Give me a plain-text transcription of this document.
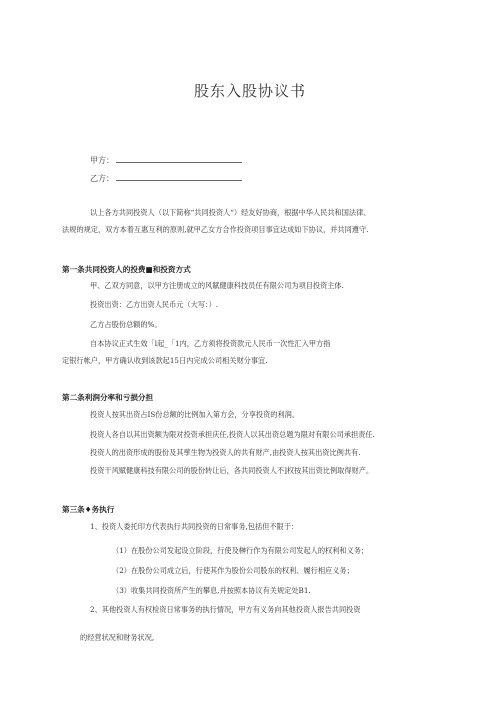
股东入股协议书
甲方：
乙方：
以上各方共同投资人（以下简称“共同投资人“）经友好协商，根据中华人民共和国法律、
法规的规定，双方本着互惠互利的原则,就甲乙女方合作投资项目事宜达成如下协议，并共同遵守.
第一条共同投资人的投费■和投资方式
甲、乙双方同意，以甲方注册成立的风賦健康科技员任有限公司为项目投资主体.
投资出资：乙方出资人民币元（大写：）.
乙方占股份总额的%。
自本协议正式生效「l起_「1内，乙方须将投资款元人民币一次性汇入甲方指
定银行帐户，甲方确认收到该款起15日内完成公司相关财分事宜.
第二条利润分率和亏损分担
投资人按其出资占IS份总额的比例加入第方会，分享投资的利润。
投资人各自以其出资额为限对投资承担庆任,投资人以其出资总题为限对有限公司承担责任.
投资人的出资形成的股份及其孳生物为投资人的共有财产,由投资人按其出资比例共有.
投资干风赋健康科技有限公司的股份转让后，各共同投资人不]权按其出资比例取得财产。
第三条♦务执行
1、投资人委托印方代表执行共同投资的日常事务,包括但不限于：
（1）在股份公司发起设立阶段，行使及榊行作为有限公司发起人的权利和义务；
（2）在股份公司成立后，行使其作为股份公司股东的权利、履行相应义务；
（3）收集共同投资所产生的攀息,并按照本协议有关规定处B1.
2、其他投资人有权检资日常事务的执行情况，甲方有义务向其他投资人报告共同投资
的经营状况和财务状况,
